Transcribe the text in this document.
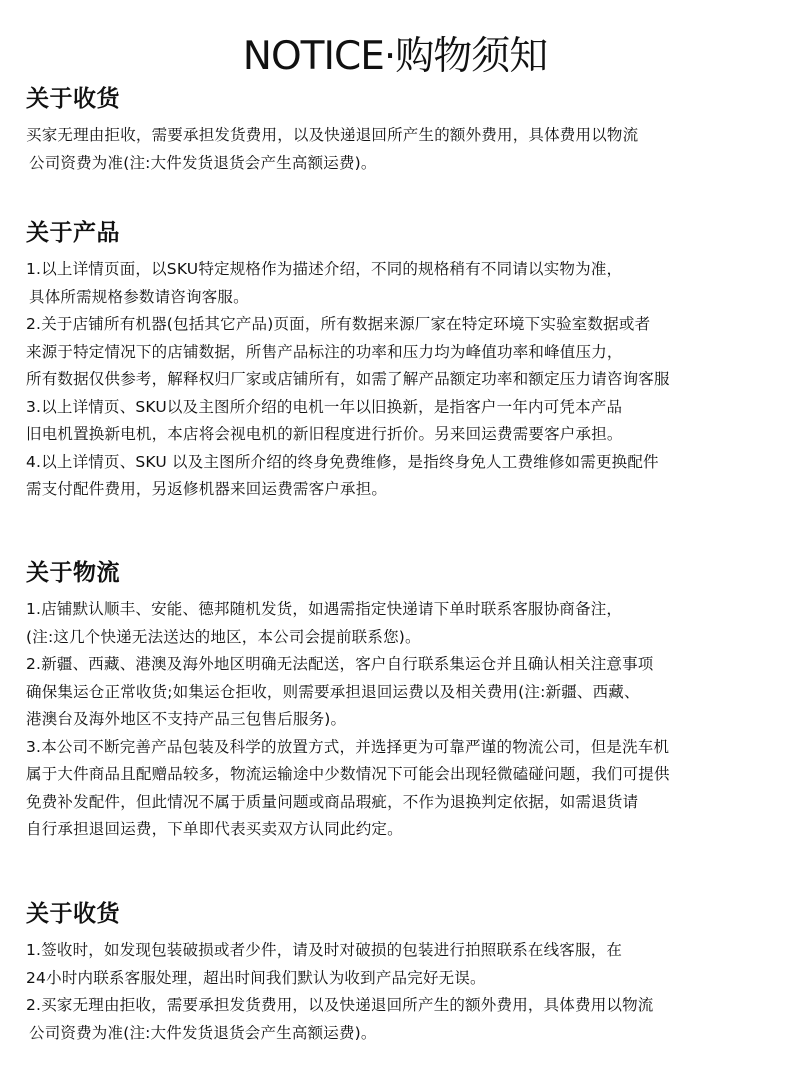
NOTICE·购物须知
关于收货
买家无理由拒收，需要承担发货费用，以及快递退回所产生的额外费用，具体费用以物流
公司资费为准(注:大件发货退货会产生高额运费)。
关于产品
1.以上详情页面，以SKU特定规格作为描述介绍，不同的规格稍有不同请以实物为准，
具体所需规格参数请咨询客服。
2.关于店铺所有机器(包括其它产品)页面，所有数据来源厂家在特定环境下实验室数据或者
来源于特定情况下的店铺数据，所售产品标注的功率和压力均为峰值功率和峰值压力，
所有数据仅供参考，解释权归厂家或店铺所有，如需了解产品额定功率和额定压力请咨询客服
3.以上详情页、SKU以及主图所介绍的电机一年以旧换新，是指客户一年内可凭本产品
旧电机置换新电机，本店将会视电机的新旧程度进行折价。另来回运费需要客户承担。
4.以上详情页、SKU 以及主图所介绍的终身免费维修，是指终身免人工费维修如需更换配件
需支付配件费用，另返修机器来回运费需客户承担。
关于物流
1.店铺默认顺丰、安能、德邦随机发货，如遇需指定快递请下单时联系客服协商备注，
(注:这几个快递无法送达的地区，本公司会提前联系您)。
2.新疆、西藏、港澳及海外地区明确无法配送，客户自行联系集运仓并且确认相关注意事项
确保集运仓正常收货;如集运仓拒收，则需要承担退回运费以及相关费用(注:新疆、西藏、
港澳台及海外地区不支持产品三包售后服务)。
3.本公司不断完善产品包装及科学的放置方式，并选择更为可靠严谨的物流公司，但是洗车机
属于大件商品且配赠品较多，物流运输途中少数情况下可能会出现轻微磕碰问题，我们可提供
免费补发配件，但此情况不属于质量问题或商品瑕疵，不作为退换判定依据，如需退货请
自行承担退回运费，下单即代表买卖双方认同此约定。
关于收货
1.签收时，如发现包装破损或者少件，请及时对破损的包装进行拍照联系在线客服，在
24小时内联系客服处理，超出时间我们默认为收到产品完好无误。
2.买家无理由拒收，需要承担发货费用，以及快递退回所产生的额外费用，具体费用以物流
公司资费为准(注:大件发货退货会产生高额运费)。
